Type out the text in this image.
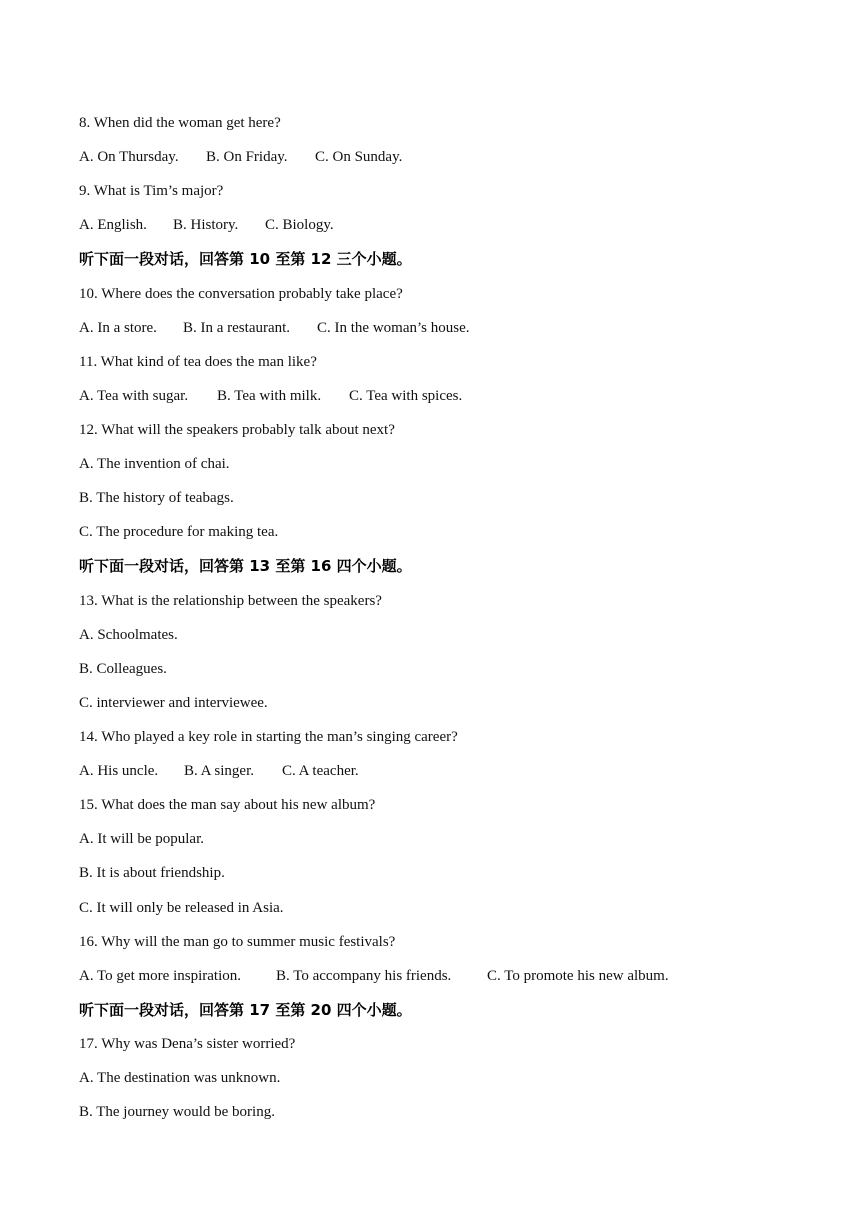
8. When did the woman get here?
A. On Thursday. B. On Friday. C. On Sunday.
9. What is Tim’s major?
A. English. B. History. C. Biology.
听下面一段对话，回答第 10 至第 12 三个小题。
10. Where does the conversation probably take place?
A. In a store. B. In a restaurant. C. In the woman’s house.
11. What kind of tea does the man like?
A. Tea with sugar. B. Tea with milk. C. Tea with spices.
12. What will the speakers probably talk about next?
A. The invention of chai.
B. The history of teabags.
C. The procedure for making tea.
听下面一段对话，回答第 13 至第 16 四个小题。
13. What is the relationship between the speakers?
A. Schoolmates.
B. Colleagues.
C. interviewer and interviewee.
14. Who played a key role in starting the man’s singing career?
A. His uncle. B. A singer. C. A teacher.
15. What does the man say about his new album?
A. It will be popular.
B. It is about friendship.
C. It will only be released in Asia.
16. Why will the man go to summer music festivals?
A. To get more inspiration. B. To accompany his friends. C. To promote his new album.
听下面一段对话，回答第 17 至第 20 四个小题。
17. Why was Dena’s sister worried?
A. The destination was unknown.
B. The journey would be boring.
